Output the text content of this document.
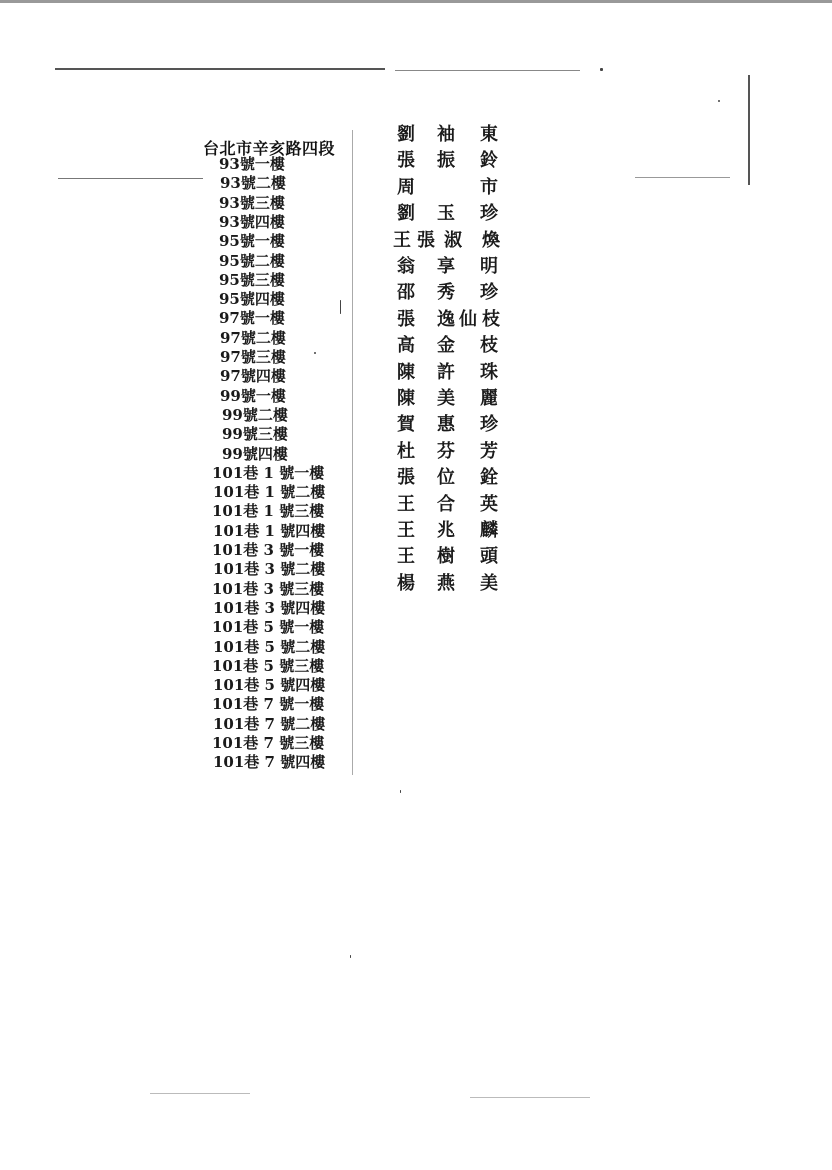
台北市辛亥路四段
93號一樓
93號二樓
93號三樓
93號四樓
95號一樓
95號二樓
95號三樓
95號四樓
97號一樓
97號二樓
97號三樓
97號四樓
99號一樓
99號二樓
99號三樓
99號四樓
101巷 1 號一樓
101巷 1 號二樓
101巷 1 號三樓
101巷 1 號四樓
101巷 3 號一樓
101巷 3 號二樓
101巷 3 號三樓
101巷 3 號四樓
101巷 5 號一樓
101巷 5 號二樓
101巷 5 號三樓
101巷 5 號四樓
101巷 7 號一樓
101巷 7 號二樓
101巷 7 號三樓
101巷 7 號四樓
劉 袖 東
張 振 鈴
周	市
劉 玉 珍
王 張 淑 煥
翁 享 明
邵 秀 珍
張 逸 仙 枝
高 金 枝
陳 許 珠
陳 美 麗
賀 惠 珍
杜 芬 芳
張 位 銓
王 合 英
王 兆 麟
王 樹 頭
楊 燕 美
